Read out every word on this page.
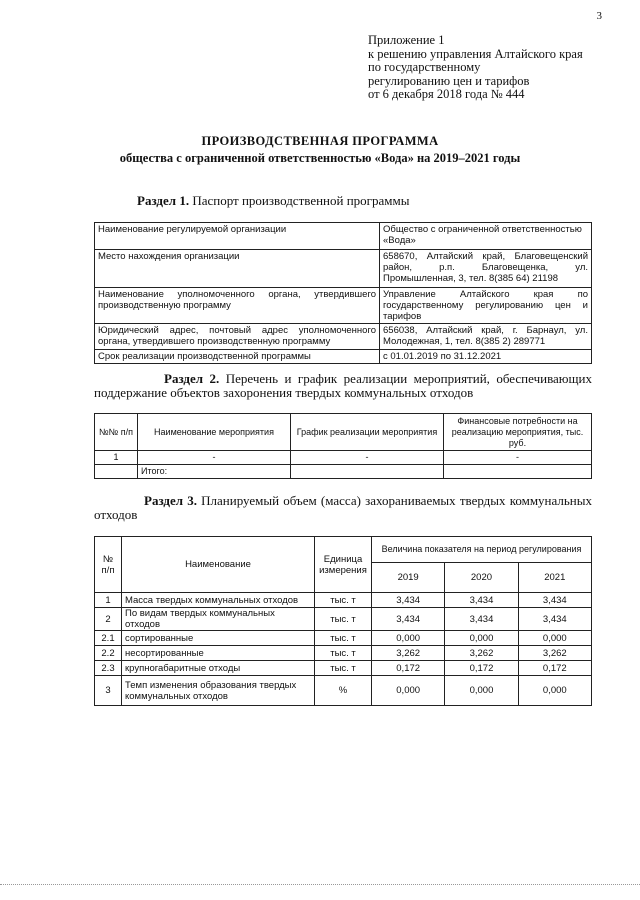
3
Приложение 1
к решению управления Алтайского края
по государственному
регулированию цен и тарифов
от 6 декабря 2018 года № 444
ПРОИЗВОДСТВЕННАЯ ПРОГРАММА
общества с ограниченной ответственностью «Вода» на 2019–2021 годы
Раздел 1. Паспорт производственной программы
Наименование регулируемой организации	Общество с ограниченной ответственностью «Вода»
Место нахождения организации	658670, Алтайский край, Благовещенский район, р.п. Благовещенка, ул. Промышленная, 3, тел. 8(385 64) 21198
Наименование уполномоченного органа, утвердившего производственную программу	Управление Алтайского края по государственному регулированию цен и тарифов
Юридический адрес, почтовый адрес уполномоченного органа, утвердившего производственную программу	656038, Алтайский край, г. Барнаул, ул. Молодежная, 1, тел. 8(385 2) 289771
Срок реализации производственной программы	с 01.01.2019 по 31.12.2021
Раздел 2. Перечень и график реализации мероприятий, обеспечивающих поддержание объектов захоронения твердых коммунальных отходов
№№ п/п	Наименование мероприятия	График реализации мероприятия	Финансовые потребности на реализацию мероприятия, тыс. руб.
1	-	-	-
	Итого:		
Раздел 3. Планируемый объем (масса) захораниваемых твердых коммунальных отходов
№ п/п	Наименование	Единица измерения	Величина показателя на период регулирования		
			2019	2020	2021
1	Масса твердых коммунальных отходов	тыс. т	3,434	3,434	3,434
2	По видам твердых коммунальных отходов	тыс. т	3,434	3,434	3,434
2.1	сортированные	тыс. т	0,000	0,000	0,000
2.2	несортированные	тыс. т	3,262	3,262	3,262
2.3	крупногабаритные отходы	тыс. т	0,172	0,172	0,172
3	Темп изменения образования твердых коммунальных отходов	%	0,000	0,000	0,000
